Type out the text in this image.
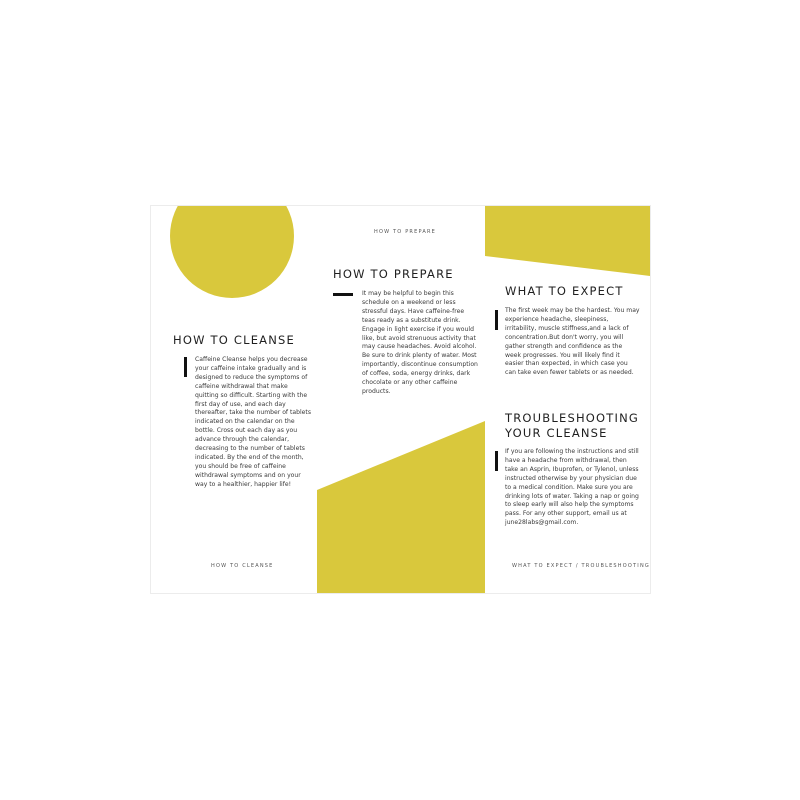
HOW TO CLEANSE

Caffeine Cleanse helps you decrease your caffeine intake gradually and is designed to reduce the symptoms of caffeine withdrawal that make quitting so difficult. Starting with the first day of use, and each day thereafter, take the number of tablets indicated on the calendar on the bottle. Cross out each day as you advance through the calendar, decreasing to the number of tablets indicated. By the end of the month, you should be free of caffeine withdrawal symptoms and on your way to a healthier, happier life!

HOW TO CLEANSE

HOW TO PREPARE

HOW TO PREPARE

It may be helpful to begin this schedule on a weekend or less stressful days. Have caffeine-free teas ready as a substitute drink. Engage in light exercise if you would like, but avoid strenuous activity that may cause headaches. Avoid alcohol. Be sure to drink plenty of water. Most importantly, discontinue consumption of coffee, soda, energy drinks, dark chocolate or any other caffeine products.

WHAT TO EXPECT

The first week may be the hardest. You may experience headache, sleepiness, irritability, muscle stiffness,and a lack of concentration.But don't worry, you will gather strength and confidence as the week progresses. You will likely find it easier than expected, in which case you can take even fewer tablets or as needed.

TROUBLESHOOTING
YOUR CLEANSE

If you are following the instructions and still have a headache from withdrawal, then take an Asprin, Ibuprofen, or Tylenol, unless instructed otherwise by your physician due to a medical condition. Make sure you are drinking lots of water. Taking a nap or going to sleep early will also help the symptoms pass. For any other support, email us at june28labs@gmail.com.

WHAT TO EXPECT / TROUBLESHOOTING
